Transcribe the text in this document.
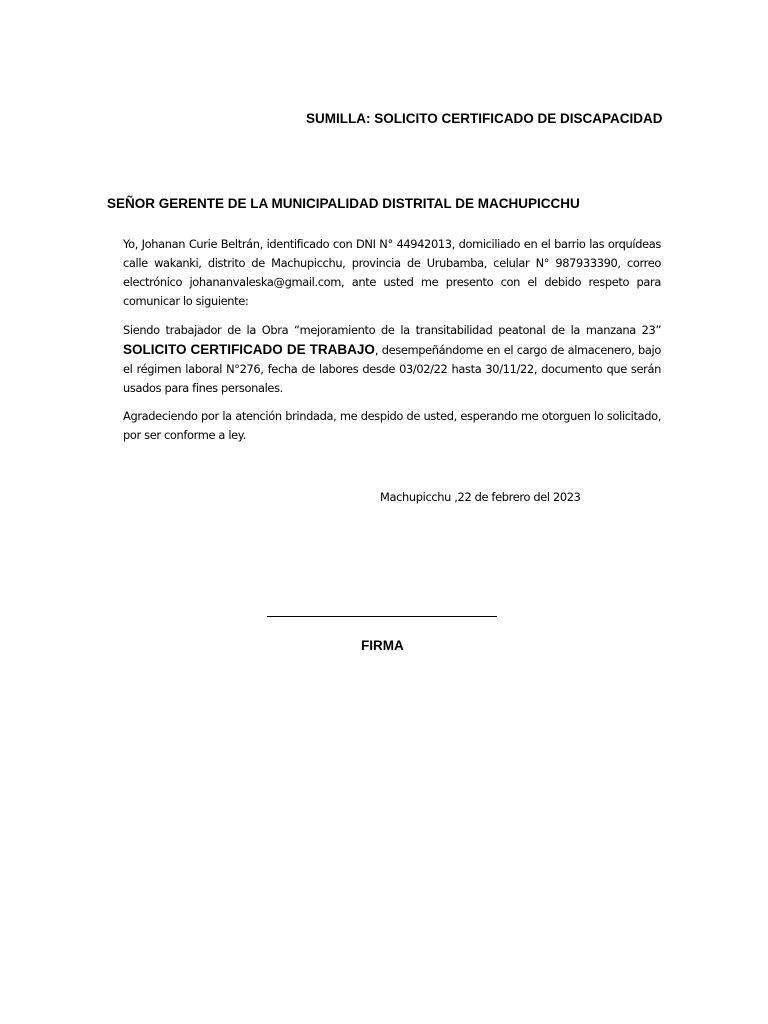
SUMILLA: SOLICITO CERTIFICADO DE DISCAPACIDAD
SEÑOR GERENTE DE LA MUNICIPALIDAD DISTRITAL DE MACHUPICCHU

Yo, Johanan Curie Beltrán, identificado con DNI N° 44942013, domiciliado en el barrio las orquídeas calle wakanki, distrito de Machupicchu, provincia de Urubamba, celular N° 987933390, correo electrónico johananvaleska@gmail.com, ante usted me presento con el debido respeto para comunicar lo siguiente:

Siendo trabajador de la Obra “mejoramiento de la transitabilidad peatonal de la manzana 23”
SOLICITO CERTIFICADO DE TRABAJO, desempeñándome en el cargo de almacenero, bajo el régimen laboral N°276, fecha de labores desde 03/02/22 hasta 30/11/22, documento que serán usados para fines personales.

Agradeciendo por la atención brindada, me despido de usted, esperando me otorguen lo solicitado, por ser conforme a ley.

Machupicchu ,22 de febrero del 2023
FIRMA
